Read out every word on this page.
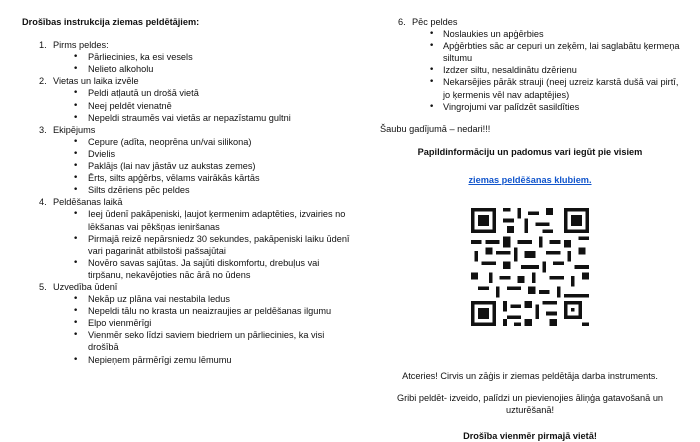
Drošības instrukcija ziemas peldētājiem:
1. Pirms peldes:
• Pārliecinies, ka esi vesels
• Nelieto alkoholu
2. Vietas un laika izvēle
• Peldi atļautā un drošā vietā
• Neej peldēt vienatnē
• Nepeldi straumēs vai vietās ar nepazīstamu gultni
3. Ekipējums
• Cepure (adīta, neoprēna un/vai silikona)
• Dvielis
• Paklājs (lai nav jāstāv uz aukstas zemes)
• Ērts, silts apģērbs, vēlams vairākās kārtās
• Silts dzēriens pēc peldes
4. Peldēšanas laikā
• Ieej ūdenī pakāpeniski, ļaujot ķermenim adaptēties, izvairies no lēkšanas vai pēkšņas ieniršanas
• Pirmajā reizē nepārsniedz 30 sekundes, pakāpeniski laiku ūdenī vari pagarināt atbilstoši pašsajūtai
• Novēro savas sajūtas. Ja sajūti diskomfortu, drebuļus vai tirpšanu, nekavējoties nāc ārā no ūdens
5. Uzvedība ūdenī
• Nekāp uz plāna vai nestabila ledus
• Nepeldi tālu no krasta un neaizraujies ar peldēšanas ilgumu
• Elpo vienmērīgi
• Vienmēr seko līdzi saviem biedriem un pārliecinies, ka visi drošībā
• Nepieņem pārmērīgi zemu lēmumu
6. Pēc peldes
• Noslaukies un apģērbies
• Apģērbties sāc ar cepuri un zeķēm, lai saglabātu ķermeņa siltumu
• Izdzer siltu, nesaldinātu dzērienu
• Nekarsējies pārāk strauji (neej uzreiz karstā dušā vai pirtī, jo ķermenis vēl nav adaptējies)
• Vingrojumi var palīdzēt sasildīties
Šaubu gadījumā – nedari!!!
Papildinformāciju un padomus vari iegūt pie visiem
ziemas peldēšanas klubiem.
Atceries! Cirvis un zāģis ir ziemas peldētāja darba instruments.
Gribi peldēt- izveido, palīdzi un pievienojies āliņģa gatavošanā un uzturēšanā!
Drošība vienmēr pirmajā vietā!
